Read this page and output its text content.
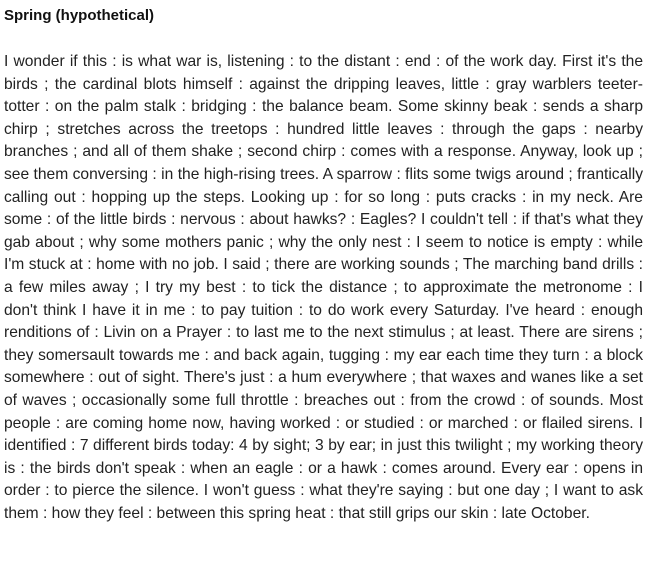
Spring (hypothetical)

I wonder if this : is what war is, listening : to the distant : end : of the work day. First it's the birds ; the cardinal blots himself : against the dripping leaves, little : gray warblers teeter-totter : on the palm stalk : bridging : the balance beam. Some skinny beak : sends a sharp chirp ; stretches across the treetops : hundred little leaves : through the gaps : nearby branches ; and all of them shake ; second chirp : comes with a response. Anyway, look up ; see them conversing : in the high-rising trees. A sparrow : flits some twigs around ; frantically calling out : hopping up the steps. Looking up : for so long : puts cracks : in my neck. Are some : of the little birds : nervous : about hawks? : Eagles? I couldn't tell : if that's what they gab about ; why some mothers panic ; why the only nest : I seem to notice is empty : while I'm stuck at : home with no job. I said ; there are working sounds ; The marching band drills : a few miles away ; I try my best : to tick the distance ; to approximate the metronome : I don't think I have it in me : to pay tuition : to do work every Saturday. I've heard : enough renditions of : Livin on a Prayer : to last me to the next stimulus ; at least. There are sirens ; they somersault towards me : and back again, tugging : my ear each time they turn : a block somewhere : out of sight. There's just : a hum everywhere ; that waxes and wanes like a set of waves ; occasionally some full throttle : breaches out : from the crowd : of sounds. Most people : are coming home now, having worked : or studied : or marched : or flailed sirens. I identified : 7 different birds today: 4 by sight; 3 by ear; in just this twilight ; my working theory is : the birds don't speak : when an eagle : or a hawk : comes around. Every ear : opens in order : to pierce the silence. I won't guess : what they're saying : but one day ; I want to ask them : how they feel : between this spring heat : that still grips our skin : late October.
